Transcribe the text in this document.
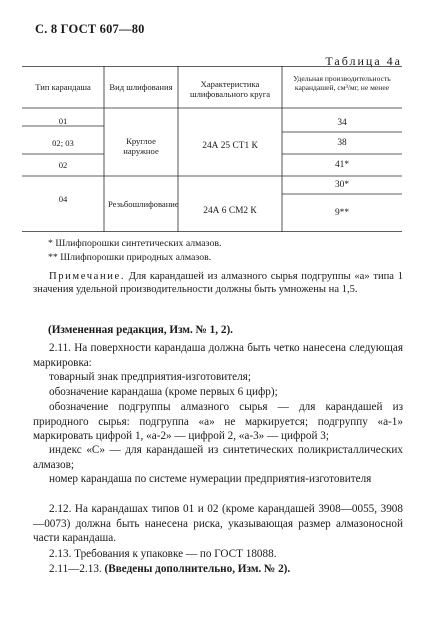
С. 8 ГОСТ 607—80
Таблица 4а
Тип карандаша	Вид шлифования	Характеристика шлифовального круга
Удельная производительность карандашей, см³/мг, не менее
01
02; 03
02
04
Круглое наружное
Резьбошлифование
24А 25 СТ1 К
24А 6 СМ2 К
34
38
41*
30*
9**
* Шлифпорошки синтетических алмазов.
** Шлифпорошки природных алмазов.
Примечание. Для карандашей из алмазного сырья подгруппы «а» типа 1 значения удельной производительности должны быть умножены на 1,5.
(Измененная редакция, Изм. № 1, 2).
2.11. На поверхности карандаша должна быть четко нанесена следующая маркировка:
товарный знак предприятия-изготовителя;
обозначение карандаша (кроме первых 6 цифр);
обозначение подгруппы алмазного сырья — для карандашей из природного сырья: подгруппа «а» не маркируется; подгруппу «а-1» маркировать цифрой 1, «а-2» — цифрой 2, «а-3» — цифрой 3;
индекс «С» — для карандашей из синтетических поликристаллических алмазов;
номер карандаша по системе нумерации предприятия-изготовителя
2.12. На карандашах типов 01 и 02 (кроме карандашей 3908—0055, 3908—0073) должна быть нанесена риска, указывающая размер алмазоносной части карандаша.
2.13. Требования к упаковке — по ГОСТ 18088.
2.11—2.13. (Введены дополнительно, Изм. № 2).
